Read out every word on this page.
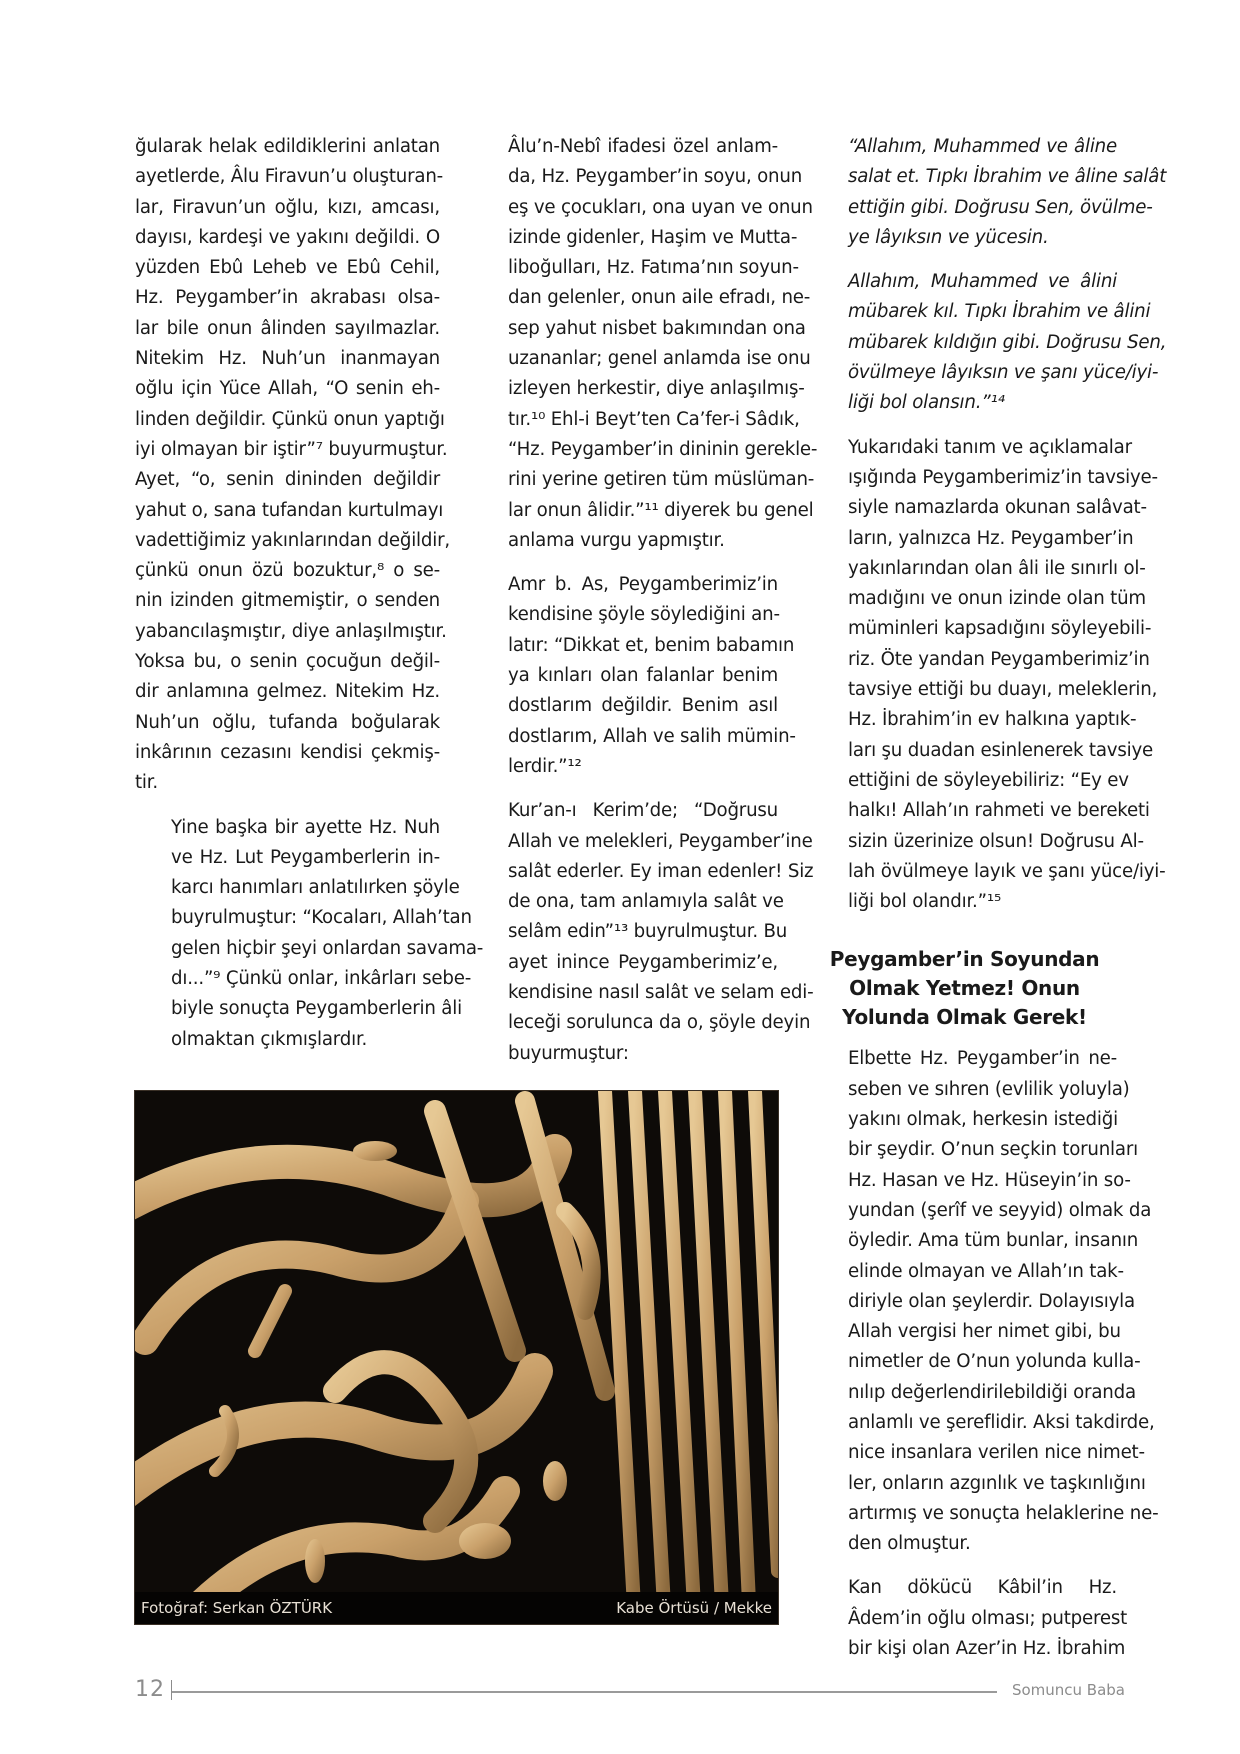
ğularak helak edildiklerini anlatan
ayetlerde, Âlu Firavun’u oluşturan-
lar, Firavun’un oğlu, kızı, amcası,
dayısı, kardeşi ve yakını değildi. O
yüzden Ebû Leheb ve Ebû Cehil,
Hz. Peygamber’in akrabası olsa-
lar bile onun âlinden sayılmazlar.
Nitekim Hz. Nuh’un inanmayan
oğlu için Yüce Allah, “O senin eh-
linden değildir. Çünkü onun yaptığı
iyi olmayan bir iştir”⁷ buyurmuştur.
Ayet, “o, senin dininden değildir
yahut o, sana tufandan kurtulmayı
vadettiğimiz yakınlarından değildir,
çünkü onun özü bozuktur,⁸ o se-
nin izinden gitmemiştir, o senden
yabancılaşmıştır, diye anlaşılmıştır.
Yoksa bu, o senin çocuğun değil-
dir anlamına gelmez. Nitekim Hz.
Nuh’un oğlu, tufanda boğularak
inkârının cezasını kendisi çekmiş-
tir.

Yine başka bir ayette Hz. Nuh
ve Hz. Lut Peygamberlerin in-
karcı hanımları anlatılırken şöyle
buyrulmuştur: “Kocaları, Allah’tan
gelen hiçbir şeyi onlardan savama-
dı...”⁹ Çünkü onlar, inkârları sebe-
biyle sonuçta Peygamberlerin âli
olmaktan çıkmışlardır.

Âlu’n-Nebî ifadesi özel anlam-
da, Hz. Peygamber’in soyu, onun
eş ve çocukları, ona uyan ve onun
izinde gidenler, Haşim ve Mutta-
liboğulları, Hz. Fatıma’nın soyun-
dan gelenler, onun aile efradı, ne-
sep yahut nisbet bakımından ona
uzananlar; genel anlamda ise onu
izleyen herkestir, diye anlaşılmış-
tır.¹⁰ Ehl-i Beyt’ten Ca’fer-i Sâdık,
“Hz. Peygamber’in dininin gerekle-
rini yerine getiren tüm müslüman-
lar onun âlidir.”¹¹ diyerek bu genel
anlama vurgu yapmıştır.

Amr b. As, Peygamberimiz’in
kendisine şöyle söylediğini an-
latır: “Dikkat et, benim babamın
ya kınları olan falanlar benim
dostlarım değildir. Benim asıl
dostlarım, Allah ve salih mümin-
lerdir.”¹²

Kur’an-ı Kerim’de; “Doğrusu
Allah ve melekleri, Peygamber’ine
salât ederler. Ey iman edenler! Siz
de ona, tam anlamıyla salât ve
selâm edin”¹³ buyrulmuştur. Bu
ayet inince Peygamberimiz’e,
kendisine nasıl salât ve selam edi-
leceği sorulunca da o, şöyle deyin
buyurmuştur:

“Allahım, Muhammed ve âline
salat et. Tıpkı İbrahim ve âline salât
ettiğin gibi. Doğrusu Sen, övülme-
ye lâyıksın ve yücesin.

Allahım, Muhammed ve âlini
mübarek kıl. Tıpkı İbrahim ve âlini
mübarek kıldığın gibi. Doğrusu Sen,
övülmeye lâyıksın ve şanı yüce/iyi-
liği bol olansın.”¹⁴

Yukarıdaki tanım ve açıklamalar
ışığında Peygamberimiz’in tavsiye-
siyle namazlarda okunan salâvat-
ların, yalnızca Hz. Peygamber’in
yakınlarından olan âli ile sınırlı ol-
madığını ve onun izinde olan tüm
müminleri kapsadığını söyleyebili-
riz. Öte yandan Peygamberimiz’in
tavsiye ettiği bu duayı, meleklerin,
Hz. İbrahim’in ev halkına yaptık-
ları şu duadan esinlenerek tavsiye
ettiğini de söyleyebiliriz: “Ey ev
halkı! Allah’ın rahmeti ve bereketi
sizin üzerinize olsun! Doğrusu Al-
lah övülmeye layık ve şanı yüce/iyi-
liği bol olandır.”¹⁵

Peygamber’in Soyundan
Olmak Yetmez! Onun
Yolunda Olmak Gerek!

Elbette Hz. Peygamber’in ne-
seben ve sıhren (evlilik yoluyla)
yakını olmak, herkesin istediği
bir şeydir. O’nun seçkin torunları
Hz. Hasan ve Hz. Hüseyin’in so-
yundan (şerîf ve seyyid) olmak da
öyledir. Ama tüm bunlar, insanın
elinde olmayan ve Allah’ın tak-
diriyle olan şeylerdir. Dolayısıyla
Allah vergisi her nimet gibi, bu
nimetler de O’nun yolunda kulla-
nılıp değerlendirilebildiği oranda
anlamlı ve şereflidir. Aksi takdirde,
nice insanlara verilen nice nimet-
ler, onların azgınlık ve taşkınlığını
artırmış ve sonuçta helaklerine ne-
den olmuştur.

Kan dökücü Kâbil’in Hz.
Âdem’in oğlu olması; putperest
bir kişi olan Azer’in Hz. İbrahim

Fotoğraf: Serkan ÖZTÜRK	Kabe Örtüsü / Mekke
12	Somuncu Baba
